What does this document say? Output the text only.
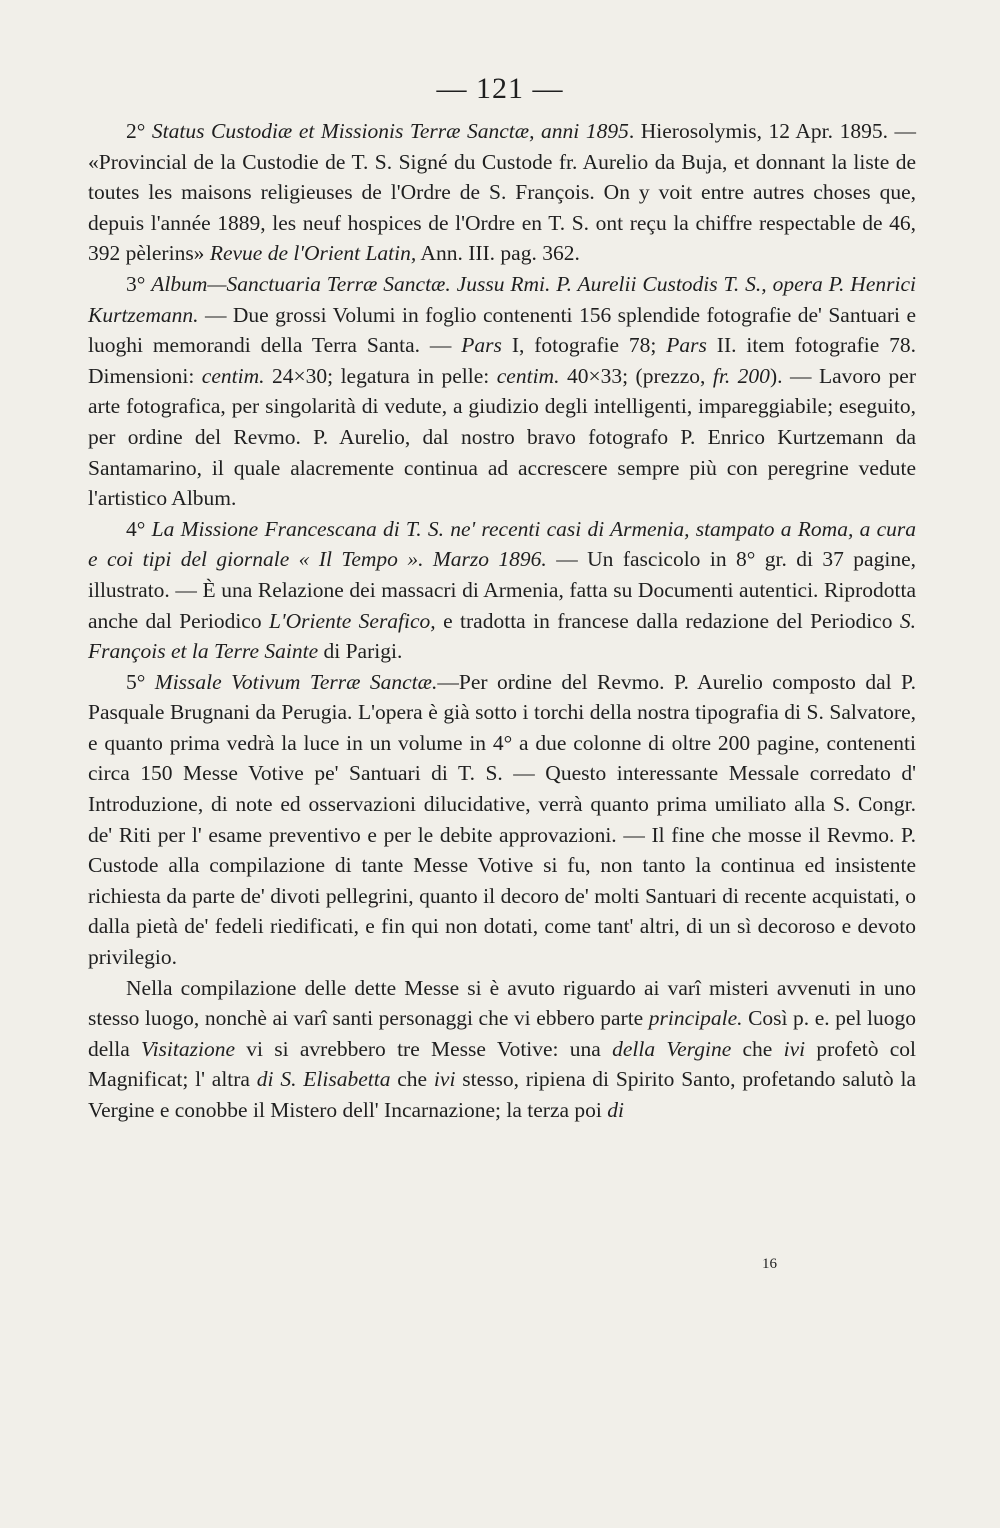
— 121 —

2° Status Custodiæ et Missionis Terræ Sanctæ, anni 1895. Hierosolymis, 12 Apr. 1895. — «Provincial de la Custodie de T. S. Signé du Custode fr. Aurelio da Buja, et donnant la liste de toutes les maisons religieuses de l'Ordre de S. François. On y voit entre autres choses que, depuis l'année 1889, les neuf hospices de l'Ordre en T. S. ont reçu la chiffre respectable de 46, 392 pèlerins» Revue de l'Orient Latin, Ann. III. pag. 362.

3° Album—Sanctuaria Terræ Sanctæ. Jussu Rmi. P. Aurelii Custodis T. S., opera P. Henrici Kurtzemann. — Due grossi Volumi in foglio contenenti 156 splendide fotografie de' Santuari e luoghi memorandi della Terra Santa. — Pars I, fotografie 78; Pars II. item fotografie 78. Dimensioni: centim. 24×30; legatura in pelle: centim. 40×33; (prezzo, fr. 200). — Lavoro per arte fotografica, per singolarità di vedute, a giudizio degli intelligenti, impareggiabile; eseguito, per ordine del Revmo. P. Aurelio, dal nostro bravo fotografo P. Enrico Kurtzemann da Santamarino, il quale alacremente continua ad accrescere sempre più con peregrine vedute l'artistico Album.

4° La Missione Francescana di T. S. ne' recenti casi di Armenia, stampato a Roma, a cura e coi tipi del giornale « Il Tempo ». Marzo 1896. — Un fascicolo in 8° gr. di 37 pagine, illustrato. — È una Relazione dei massacri di Armenia, fatta su Documenti autentici. Riprodotta anche dal Periodico L'Oriente Serafico, e tradotta in francese dalla redazione del Periodico S. François et la Terre Sainte di Parigi.

5° Missale Votivum Terræ Sanctæ.—Per ordine del Revmo. P. Aurelio composto dal P. Pasquale Brugnani da Perugia. L'opera è già sotto i torchi della nostra tipografia di S. Salvatore, e quanto prima vedrà la luce in un volume in 4° a due colonne di oltre 200 pagine, contenenti circa 150 Messe Votive pe' Santuari di T. S. — Questo interessante Messale corredato d' Introduzione, di note ed osservazioni dilucidative, verrà quanto prima umiliato alla S. Congr. de' Riti per l' esame preventivo e per le debite approvazioni. — Il fine che mosse il Revmo. P. Custode alla compilazione di tante Messe Votive si fu, non tanto la continua ed insistente richiesta da parte de' divoti pellegrini, quanto il decoro de' molti Santuari di recente acquistati, o dalla pietà de' fedeli riedificati, e fin qui non dotati, come tant' altri, di un sì decoroso e devoto privilegio.

Nella compilazione delle dette Messe si è avuto riguardo ai varî misteri avvenuti in uno stesso luogo, nonchè ai varî santi personaggi che vi ebbero parte principale. Così p. e. pel luogo della Visitazione vi si avrebbero tre Messe Votive: una della Vergine che ivi profetò col Magnificat; l' altra di S. Elisabetta che ivi stesso, ripiena di Spirito Santo, profetando salutò la Vergine e conobbe il Mistero dell' Incarnazione; la terza poi di

16
